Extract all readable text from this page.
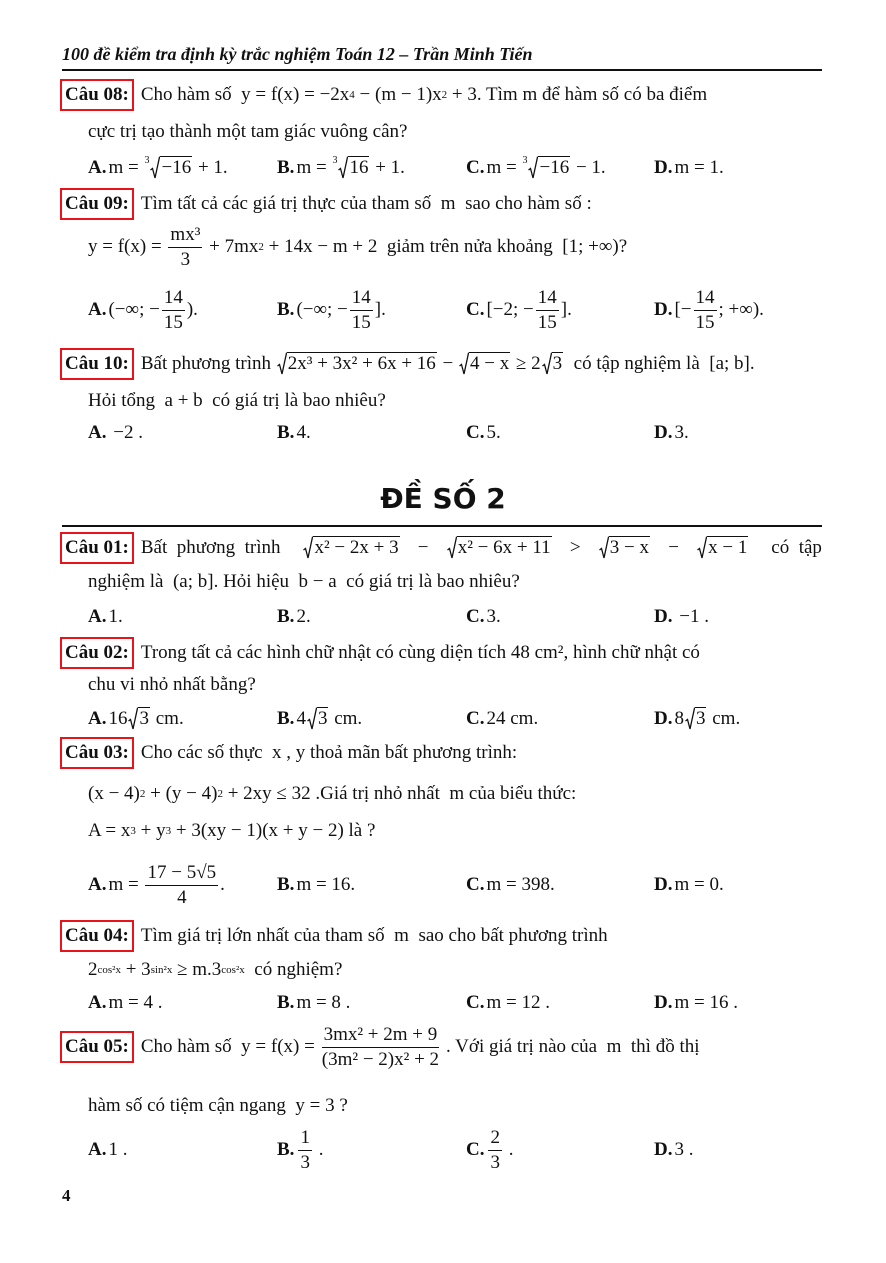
100 đề kiểm tra định kỳ trắc nghiệm Toán 12 – Trần Minh Tiến
ĐỀ SỐ 2
Câu 08: Cho hàm số  y = f(x) = −2x 4 − (m − 1)x 2 + 3. Tìm m để hàm số có ba điểm
cực trị tạo thành một tam giác vuông cân?
A. m = 3 −16 + 1.	B. m = 3 16 + 1.	C. m = 3 −16 − 1.	D. m = 1.
Câu 09: Tìm tất cả các giá trị thực của tham số  m  sao cho hàm số :
$y = f(x) = \frac{\text{mx³}}{3} + 7mx$ 2 + 14x − m + 2  giảm trên nửa khoảng  [1; +∞)?
A. (−∞; − $\frac{14}{15}$ ).	B. (−∞; − $\frac{14}{15}$ ].	C. [−2; − $\frac{14}{15}$ ].	D. [− $\frac{14}{15}$ ; +∞).
Câu 10: Bất phương trình 2x³ + 3x² + 6x + 16 − 4 − x ≥ 2 3 có tập nghiệm là  [a; b].
Hỏi tổng  a + b  có giá trị là bao nhiêu?
A. −2 .	B. 4.	C. 5.	D. 3.
Câu 01: Bất  phương  trình x² − 2x + 3 − x² − 6x + 11 > 3 − x − x − 1 có  tập
nghiệm là  (a; b]. Hỏi hiệu  b − a  có giá trị là bao nhiêu?
A. 1.	B. 2.	C. 3.	D. −1 .
Câu 02: Trong tất cả các hình chữ nhật có cùng diện tích 48 cm², hình chữ nhật có
chu vi nhỏ nhất bằng?
A. 16 3 cm.	B. 4 3 cm.	C. 24 cm.	D. 8 3 cm.
Câu 03: Cho các số thực  x , y thoả mãn bất phương trình:
(x − 4) 2 + (y − 4) 2 + 2xy ≤ 32 .Giá trị nhỏ nhất  m của biểu thức:
A = x 3 + y 3 + 3(xy − 1)(x + y − 2) là ?
A. $m = \frac{17 - 5√5}{4}$ .	B. m = 16.	C. m = 398.	D. m = 0.
Câu 04: Tìm giá trị lớn nhất của tham số  m  sao cho bất phương trình
2 cos²x + 3 sin²x ≥ m.3 cos²x có nghiệm?
A. m = 4 .	B. m = 8 .	C. m = 12 .	D. m = 16 .
Câu 05: Cho hàm số  $y = f(x) = \frac{\text{3mx² + 2m + 9}}{\text{(3m² − 2)x² + 2}}$ . Với giá trị nào của  m  thì đồ thị
hàm số có tiệm cận ngang  y = 3 ?
A. 1 .	B. $\frac{1}{3}$ .	C. $\frac{2}{3}$ .	D. 3 .
4
